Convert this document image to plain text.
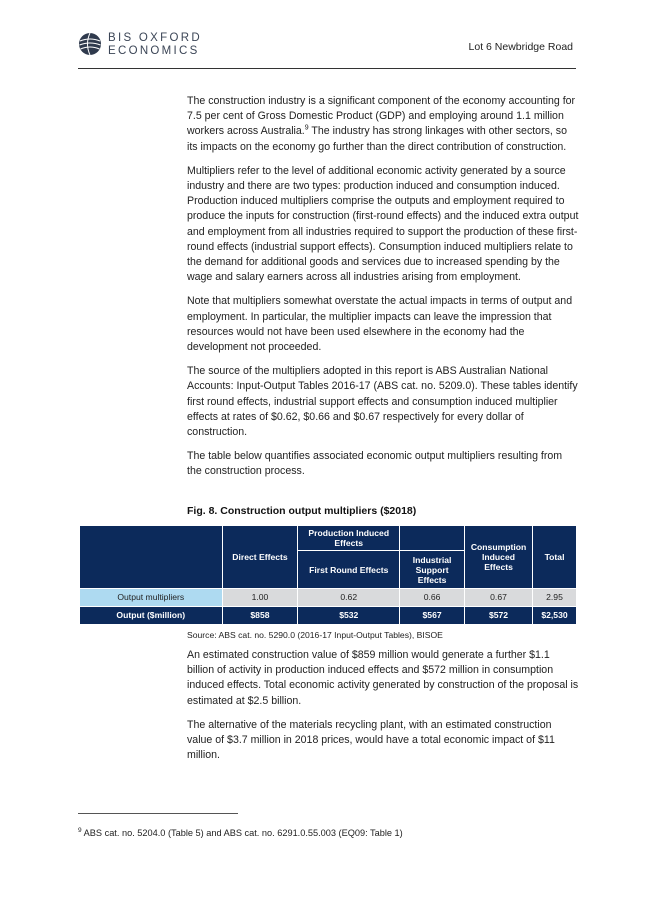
BIS OXFORD
ECONOMICS	Lot 6 Newbridge Road

The construction industry is a significant component of the economy accounting for 7.5 per cent of Gross Domestic Product (GDP) and employing around 1.1 million workers across Australia.$^9$ The industry has strong linkages with other sectors, so its impacts on the economy go further than the direct contribution of construction.

Multipliers refer to the level of additional economic activity generated by a source industry and there are two types: production induced and consumption induced. Production induced multipliers comprise the outputs and employment required to produce the inputs for construction (first-round effects) and the induced extra output and employment from all industries required to support the production of these first-round effects (industrial support effects). Consumption induced multipliers relate to the demand for additional goods and services due to increased spending by the wage and salary earners across all industries arising from employment.

Note that multipliers somewhat overstate the actual impacts in terms of output and employment. In particular, the multiplier impacts can leave the impression that resources would not have been used elsewhere in the economy had the development not proceeded.

The source of the multipliers adopted in this report is ABS Australian National Accounts: Input-Output Tables 2016-17 (ABS cat. no. 5209.0). These tables identify first round effects, industrial support effects and consumption induced multiplier effects at rates of $0.62, $0.66 and $0.67 respectively for every dollar of construction.

The table below quantifies associated economic output multipliers resulting from the construction process.

Fig. 8. Construction output multipliers ($2018)
	Direct Effects	Production Induced Effects		Consumption Induced Effects	Total
		First Round Effects	Industrial Support Effects		
Output multipliers	1.00	0.62	0.66	0.67	2.95
Output ($million)	$858	$532	$567	$572	$2,530
Source: ABS cat. no. 5290.0 (2016-17 Input-Output Tables), BISOE

An estimated construction value of $859 million would generate a further $1.1 billion of activity in production induced effects and $572 million in consumption induced effects. Total economic activity generated by construction of the proposal is estimated at $2.5 billion.

The alternative of the materials recycling plant, with an estimated construction value of $3.7 million in 2018 prices, would have a total economic impact of $11 million.

$^9$ ABS cat. no. 5204.0 (Table 5) and ABS cat. no. 6291.0.55.003 (EQ09: Table 1)
